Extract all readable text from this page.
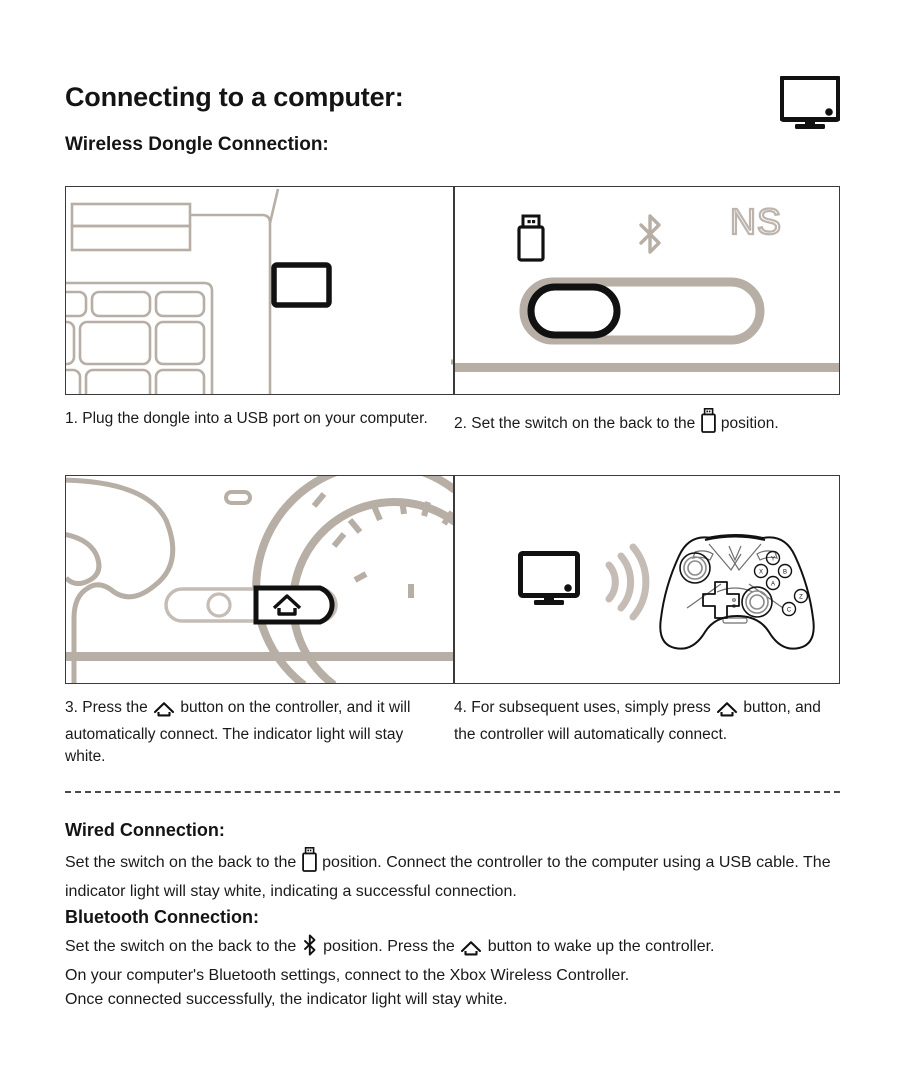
Connecting to a computer:
Wireless Dongle Connection:
NS
1. Plug the dongle into a USB port on your computer.	2. Set the switch on the back to the position.
Y
X	B
A
Z
C
3. Press the button on the controller, and it will automatically connect. The indicator light will stay white.
4. For subsequent uses, simply press button, and the controller will automatically connect.
Wired Connection:
Set the switch on the back to the position. Connect the controller to the computer using a USB cable. The indicator light will stay white, indicating a successful connection.
Bluetooth Connection:
Set the switch on the back to the position. Press the button to wake up the controller.
On your computer's Bluetooth settings, connect to the Xbox Wireless Controller.
Once connected successfully, the indicator light will stay white.
